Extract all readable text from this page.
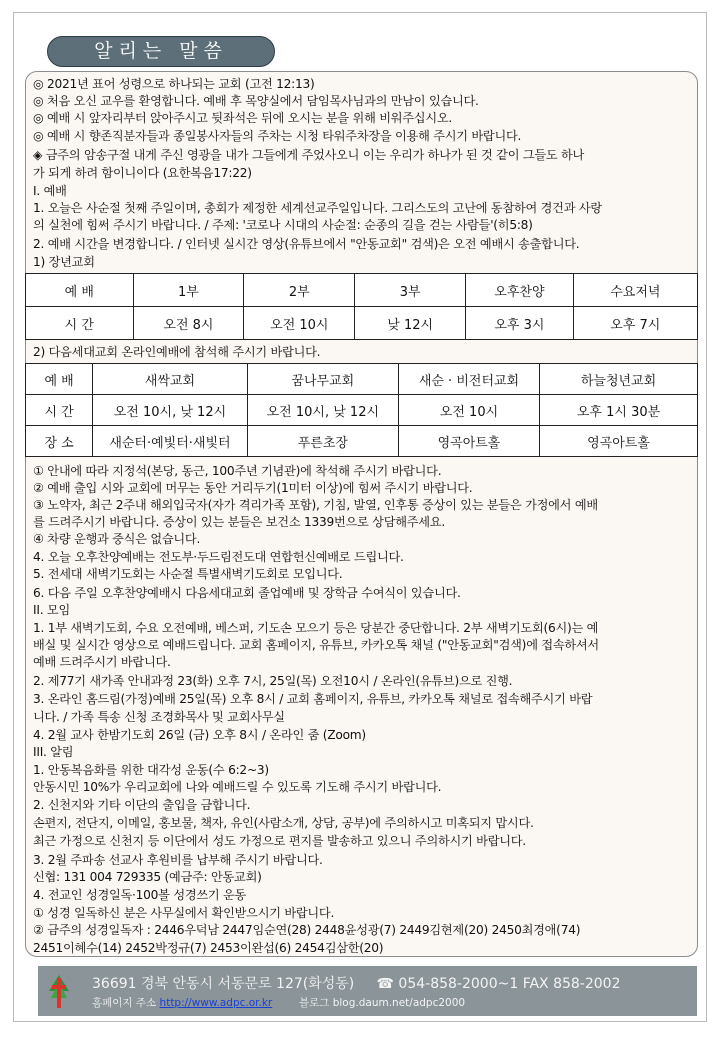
알리는 말씀
◎ 2021년 표어 성령으로 하나되는 교회 (고전 12:13)
◎ 처음 오신 교우를 환영합니다. 예배 후 목양실에서 담임목사님과의 만남이 있습니다.
◎ 예배 시 앞자리부터 앉아주시고 뒷좌석은 뒤에 오시는 분을 위해 비워주십시오.
◎ 예배 시 향존직분자들과 종일봉사자들의 주차는 시청 타워주차장을 이용해 주시기 바랍니다.
◈ 금주의 암송구절 내게 주신 영광을 내가 그들에게 주었사오니 이는 우리가 하나가 된 것 같이 그들도 하나
가 되게 하려 함이니이다 (요한복음17:22)
I. 예배
1. 오늘은 사순절 첫째 주일이며, 총회가 제정한 세계선교주일입니다. 그리스도의 고난에 동참하여 경건과 사랑
의 실천에 힘써 주시기 바랍니다. / 주제: '코로나 시대의 사순절: 순종의 길을 걷는 사람들'(히5:8)
2. 예배 시간을 변경합니다. / 인터넷 실시간 영상(유튜브에서 "안동교회" 검색)은 오전 예배시 송출합니다.
1) 장년교회
예 배	1부	2부	3부	오후찬양	수요저녁
시 간	오전 8시	오전 10시	낮 12시	오후 3시	오후 7시
2) 다음세대교회 온라인예배에 참석해 주시기 바랍니다.
예 배	새싹교회	꿈나무교회	새순 · 비전터교회	하늘청년교회
시 간	오전 10시, 낮 12시	오전 10시, 낮 12시	오전 10시	오후 1시 30분
장 소	새순터·예빛터·새빛터	푸른초장	영곡아트홀	영곡아트홀
① 안내에 따라 지정석(본당, 동근, 100주년 기념관)에 착석해 주시기 바랍니다.
② 예배 출입 시와 교회에 머무는 동안 거리두기(1미터 이상)에 힘써 주시기 바랍니다.
③ 노약자, 최근 2주내 해외입국자(자가 격리가족 포함), 기침, 발열, 인후통 증상이 있는 분들은 가정에서 예배
를 드려주시기 바랍니다. 증상이 있는 분들은 보건소 1339번으로 상담해주세요.
④ 차량 운행과 중식은 없습니다.
4. 오늘 오후찬양예배는 전도부·두드림전도대 연합헌신예배로 드립니다.
5. 전세대 새벽기도회는 사순절 특별새벽기도회로 모입니다.
6. 다음 주일 오후찬양예배시 다음세대교회 졸업예배 및 장학금 수여식이 있습니다.
II. 모임
1. 1부 새벽기도회, 수요 오전예배, 베스퍼, 기도손 모으기 등은 당분간 중단합니다. 2부 새벽기도회(6시)는 예
배실 및 실시간 영상으로 예배드립니다. 교회 홈페이지, 유튜브, 카카오톡 채널 ("안동교회"검색)에 접속하셔서
예배 드려주시기 바랍니다.
2. 제77기 새가족 안내과정 23(화) 오후 7시, 25일(목) 오전10시 / 온라인(유튜브)으로 진행.
3. 온라인 홈드림(가정)예배 25일(목) 오후 8시 / 교회 홈페이지, 유튜브, 카카오톡 채널로 접속해주시기 바랍
니다. / 가족 특송 신청 조경화목사 및 교회사무실
4. 2월 교사 한밤기도회 26일 (금) 오후 8시 / 온라인 줌 (Zoom)
III. 알림
1. 안동복음화를 위한 대각성 운동(수 6:2~3)
안동시민 10%가 우리교회에 나와 예배드릴 수 있도록 기도해 주시기 바랍니다.
2. 신천지와 기타 이단의 출입을 금합니다.
손편지, 전단지, 이메일, 홍보물, 책자, 유인(사람소개, 상담, 공부)에 주의하시고 미혹되지 맙시다.
최근 가정으로 신천지 등 이단에서 성도 가정으로 편지를 발송하고 있으니 주의하시기 바랍니다.
3. 2월 주파송 선교사 후원비를 납부해 주시기 바랍니다.
신협: 131 004 729335 (예금주: 안동교회)
4. 전교인 성경일독·100볼 성경쓰기 운동
① 성경 일독하신 분은 사무실에서 확인받으시기 바랍니다.
② 금주의 성경일독자 : 2446우덕남 2447임순연(28) 2448윤성광(7) 2449김현제(20) 2450최경애(74)
2451이혜수(14) 2452박정규(7) 2453이완섭(6) 2454김삼한(20)
36691 경북 안동시 서동문로 127(화성동) ☎ 054-858-2000~1 FAX 858-2002
홈페이지 주소 http://www.adpc.or.kr	블로그 blog.daum.net/adpc2000
